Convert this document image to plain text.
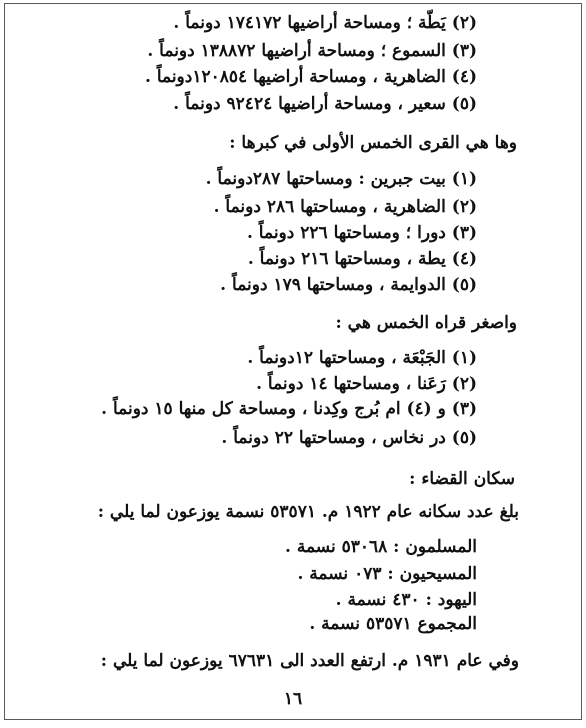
(٢) يَطّة ؛ ومساحة أراضيها ١٧٤١٧٢ دونماً .
(٣) السموع ؛ ومساحة أراضيها ١٣٨٨٧٢ دونماً .
(٤) الضاهرية ، ومساحة أراضيها ١٢٠٨٥٤دونماً .
(٥) سعير ، ومساحة أراضيها ٩٢٤٢٤ دونماً .
وها هي القرى الخمس الأولى في كبرها :
(١) بيت جبرين : ومساحتها ٢٨٧دونماً .
(٢) الضاهرية ، ومساحتها ٢٨٦ دونماً .
(٣) دورا ؛ ومساحتها ٢٢٦ دونماً .
(٤) يطة ، ومساحتها ٢١٦ دونماً .
(٥) الدوايمة ، ومساحتها ١٧٩ دونماً .
واصغر قراه الخمس هي :
(١) الجَبْعَة ، ومساحتها ١٢دونماً .
(٢) رَعَنا ، ومساحتها ١٤ دونماً .
(٣) و (٤) ام بُرج وكِدنا ، ومساحة كل منها ١٥ دونماً .
(٥) در نخاس ، ومساحتها ٢٢ دونماً .
سكان القضاء :
بلغ عدد سكانه عام ١٩٢٢ م. ٥٣٥٧١ نسمة يوزعون لما يلي :
المسلمون : ٥٣٠٦٨ نسمة .
المسيحيون : ٠٧٣ نسمة .
اليهود : ٤٣٠ نسمة .
المجموع ٥٣٥٧١ نسمة .
وفي عام ١٩٣١ م. ارتفع العدد الى ٦٧٦٣١ يوزعون لما يلي :
١٦
